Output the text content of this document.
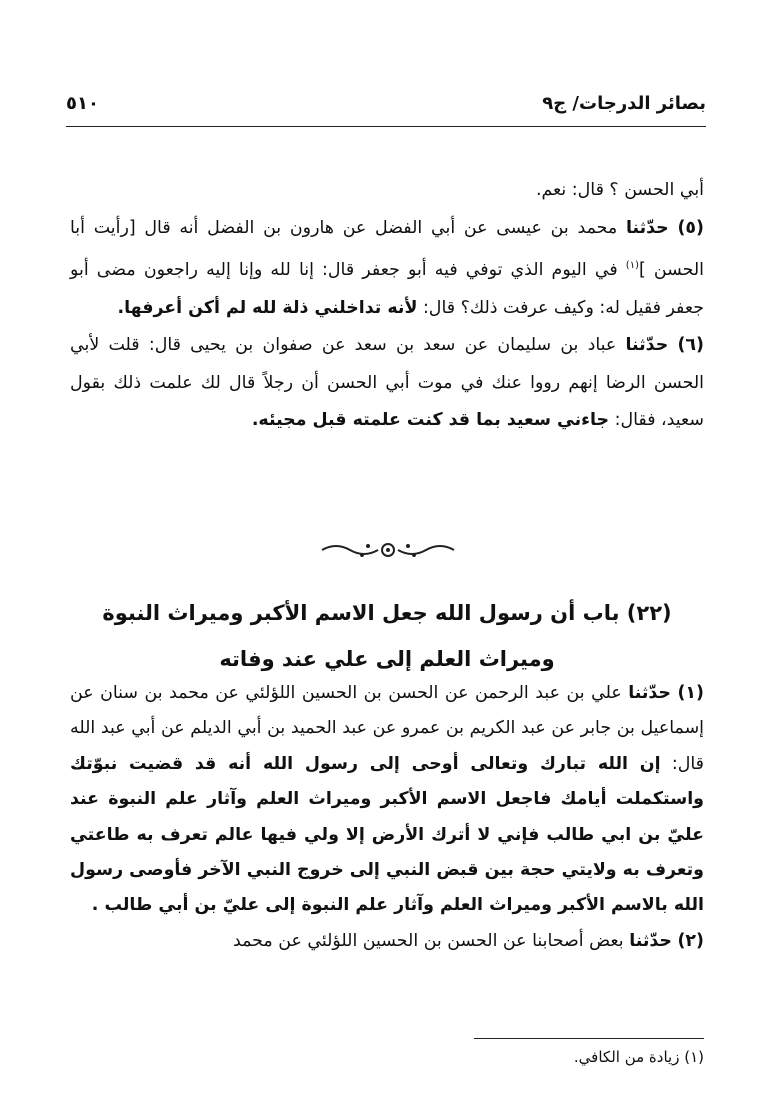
بصائر الدرجات/ ج٩
٥١٠

أبي الحسن ؟ قال: نعم.

(٥) حدّثنا محمد بن عيسى عن أبي الفضل عن هارون بن الفضل أنه قال [رأيت أبا الحسن ]$^{(١)}$ في اليوم الذي توفي فيه أبو جعفر قال: إنا لله وإنا إليه راجعون مضى أبو جعفر فقيل له: وكيف عرفت ذلك؟ قال: لأنه تداخلني ذلة لله لم أكن أعرفها.

(٦) حدّثنا عباد بن سليمان عن سعد بن سعد عن صفوان بن يحيى قال: قلت لأبي الحسن الرضا إنهم رووا عنك في موت أبي الحسن أن رجلاً قال لك علمت ذلك بقول سعيد، فقال: جاءني سعيد بما قد كنت علمته قبل مجيئه.

(٢٢) باب أن رسول الله جعل الاسم الأكبر وميراث النبوة
وميراث العلم إلى علي عند وفاته

(١) حدّثنا علي بن عبد الرحمن عن الحسن بن الحسين اللؤلئي عن محمد بن سنان عن إسماعيل بن جابر عن عبد الكريم بن عمرو عن عبد الحميد بن أبي الديلم عن أبي عبد الله قال: إن الله تبارك وتعالى أوحى إلى رسول الله أنه قد قضيت نبوّتك واستكملت أيامك فاجعل الاسم الأكبر وميراث العلم وآثار علم النبوة عند عليّ بن ابي طالب فإني لا أترك الأرض إلا ولي فيها عالم تعرف به طاعتي وتعرف به ولايتي حجة بين قبض النبي إلى خروج النبي الآخر فأوصى رسول الله بالاسم الأكبر وميراث العلم وآثار علم النبوة إلى عليّ بن أبي طالب .

(٢) حدّثنا بعض أصحابنا عن الحسن بن الحسين اللؤلئي عن محمد

(١) زيادة من الكافي.
